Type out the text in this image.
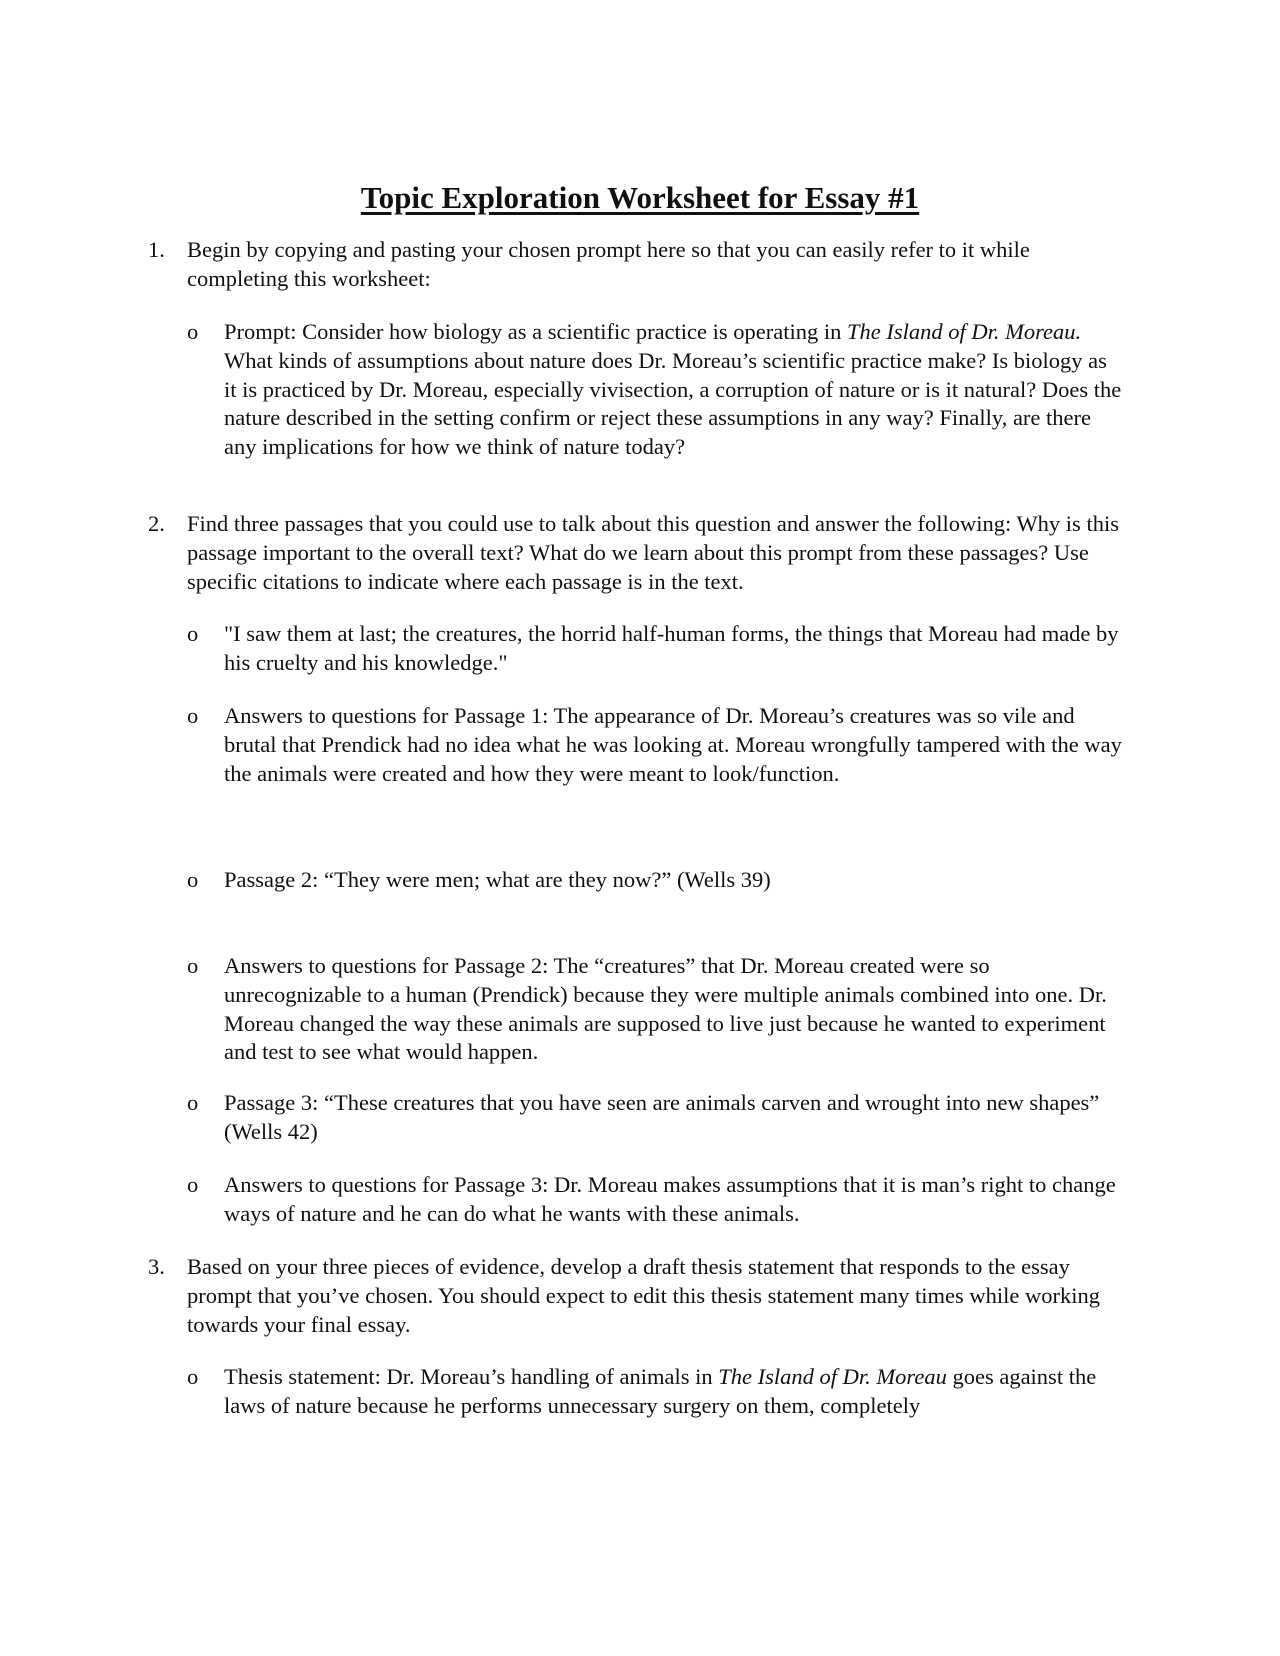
Topic Exploration Worksheet for Essay #1
1. Begin by copying and pasting your chosen prompt here so that you can easily refer to it while completing this worksheet:

o Prompt: Consider how biology as a scientific practice is operating in The Island of Dr. Moreau. What kinds of assumptions about nature does Dr. Moreau’s scientific practice make? Is biology as it is practiced by Dr. Moreau, especially vivisection, a corruption of nature or is it natural? Does the nature described in the setting confirm or reject these assumptions in any way? Finally, are there any implications for how we think of nature today?

2. Find three passages that you could use to talk about this question and answer the following: Why is this passage important to the overall text? What do we learn about this prompt from these passages? Use specific citations to indicate where each passage is in the text.

o "I saw them at last; the creatures, the horrid half-human forms, the things that Moreau had made by his cruelty and his knowledge."

o Answers to questions for Passage 1: The appearance of Dr. Moreau’s creatures was so vile and brutal that Prendick had no idea what he was looking at. Moreau wrongfully tampered with the way the animals were created and how they were meant to look/function.

o Passage 2: “They were men; what are they now?” (Wells 39)

o Answers to questions for Passage 2: The “creatures” that Dr. Moreau created were so unrecognizable to a human (Prendick) because they were multiple animals combined into one. Dr. Moreau changed the way these animals are supposed to live just because he wanted to experiment and test to see what would happen.

o Passage 3: “These creatures that you have seen are animals carven and wrought into new shapes” (Wells 42)

o Answers to questions for Passage 3: Dr. Moreau makes assumptions that it is man’s right to change ways of nature and he can do what he wants with these animals.

3. Based on your three pieces of evidence, develop a draft thesis statement that responds to the essay prompt that you’ve chosen. You should expect to edit this thesis statement many times while working towards your final essay.

o Thesis statement: Dr. Moreau’s handling of animals in The Island of Dr. Moreau goes against the laws of nature because he performs unnecessary surgery on them, completely
